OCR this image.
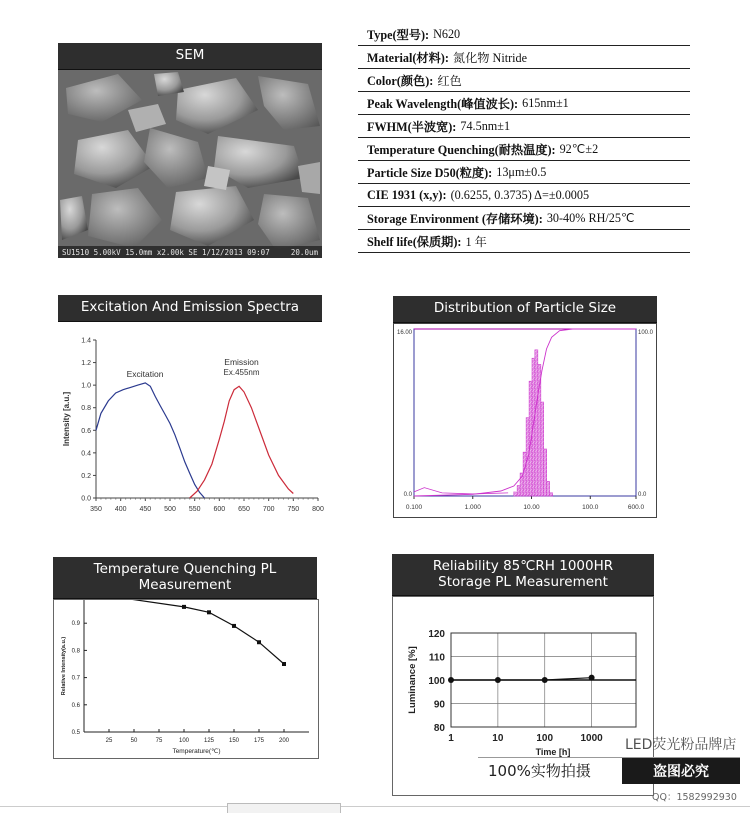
Type(型号): N620
Material(材料): 氮化物 Nitride
Color(颜色): 红色
Peak Wavelength(峰值波长): 615nm±1
FWHM(半波宽): 74.5nm±1
Temperature Quenching(耐热温度): 92℃±2
Particle Size D50(粒度): 13μm±0.5
CIE 1931 (x,y): (0.6255, 0.3735) Δ=±0.0005
Storage Environment (存储环境): 30-40% RH/25℃
Shelf life(保质期): 1 年
SEM
SU1510 5.00kV 15.0mm x2.00k SE 1/12/2013 09:07	20.0um
Excitation And Emission Spectra
350 400 450 500 550 600 650 700 750 800
0.0
0.2
0.4
0.6
0.8
1.0
1.2
1.4
Intensity [a.u.]
Excitation
Emission
Ex.455nm
Distribution of Particle Size
0.100	1.000	10.00	100.0	600.0
16.00
0.0
100.0
0.0
Temperature Quenching PL Measurement
25	50	75	100 125 150 175 200
0.5
0.6
0.7
0.8
0.9
Temperature(℃)
Relative Intensity(a.u.)
Reliability 85℃RH 1000HR Storage PL Measurement
80
90
100
110
120
1	10	100	1000
Luminance [%]
Time [h]	LED荧光粉品牌店
100%实物拍摄	盗图必究
QQ：1582992930
